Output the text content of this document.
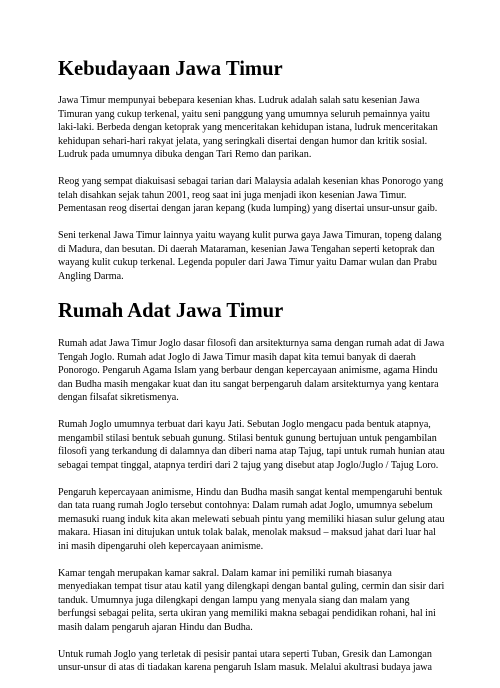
Kebudayaan Jawa Timur

Jawa Timur mempunyai bebepara kesenian khas. Ludruk adalah salah satu kesenian Jawa Timuran yang cukup terkenal, yaitu seni panggung yang umumnya seluruh pemainnya yaitu laki-laki. Berbeda dengan ketoprak yang menceritakan kehidupan istana, ludruk menceritakan kehidupan sehari-hari rakyat jelata, yang seringkali disertai dengan humor dan kritik sosial. Ludruk pada umumnya dibuka dengan Tari Remo dan parikan.

Reog yang sempat diakuisasi sebagai tarian dari Malaysia adalah kesenian khas Ponorogo yang telah disahkan sejak tahun 2001, reog saat ini juga menjadi ikon kesenian Jawa Timur. Pementasan reog disertai dengan jaran kepang (kuda lumping) yang disertai unsur-unsur gaib.

Seni terkenal Jawa Timur lainnya yaitu wayang kulit purwa gaya Jawa Timuran, topeng dalang di Madura, dan besutan. Di daerah Mataraman, kesenian Jawa Tengahan seperti ketoprak dan wayang kulit cukup terkenal. Legenda populer dari Jawa Timur yaitu Damar wulan dan Prabu Angling Darma.

Rumah Adat Jawa Timur

Rumah adat Jawa Timur Joglo dasar filosofi dan arsitekturnya sama dengan rumah adat di Jawa Tengah Joglo. Rumah adat Joglo di Jawa Timur masih dapat kita temui banyak di daerah Ponorogo. Pengaruh Agama Islam yang berbaur dengan kepercayaan animisme, agama Hindu dan Budha masih mengakar kuat dan itu sangat berpengaruh dalam arsitekturnya yang kentara dengan filsafat sikretismenya.

Rumah Joglo umumnya terbuat dari kayu Jati. Sebutan Joglo mengacu pada bentuk atapnya, mengambil stilasi bentuk sebuah gunung. Stilasi bentuk gunung bertujuan untuk pengambilan filosofi yang terkandung di dalamnya dan diberi nama atap Tajug, tapi untuk rumah hunian atau sebagai tempat tinggal, atapnya terdiri dari 2 tajug yang disebut atap Joglo/Juglo / Tajug Loro.

Pengaruh kepercayaan animisme, Hindu dan Budha masih sangat kental mempengaruhi bentuk dan tata ruang rumah Joglo tersebut contohnya: Dalam rumah adat Joglo, umumnya sebelum memasuki ruang induk kita akan melewati sebuah pintu yang memiliki hiasan sulur gelung atau makara. Hiasan ini ditujukan untuk tolak balak, menolak maksud – maksud jahat dari luar hal ini masih dipengaruhi oleh kepercayaan animisme.

Kamar tengah merupakan kamar sakral. Dalam kamar ini pemiliki rumah biasanya menyediakan tempat tisur atau katil yang dilengkapi dengan bantal guling, cermin dan sisir dari tanduk. Umumnya juga dilengkapi dengan lampu yang menyala siang dan malam yang berfungsi sebagai pelita, serta ukiran yang memiliki makna sebagai pendidikan rohani, hal ini masih dalam pengaruh ajaran Hindu dan Budha.

Untuk rumah Joglo yang terletak di pesisir pantai utara seperti Tuban, Gresik dan Lamongan unsur-unsur di atas di tiadakan karena pengaruh Islam masuk. Melalui akultrasi budaya jawa
